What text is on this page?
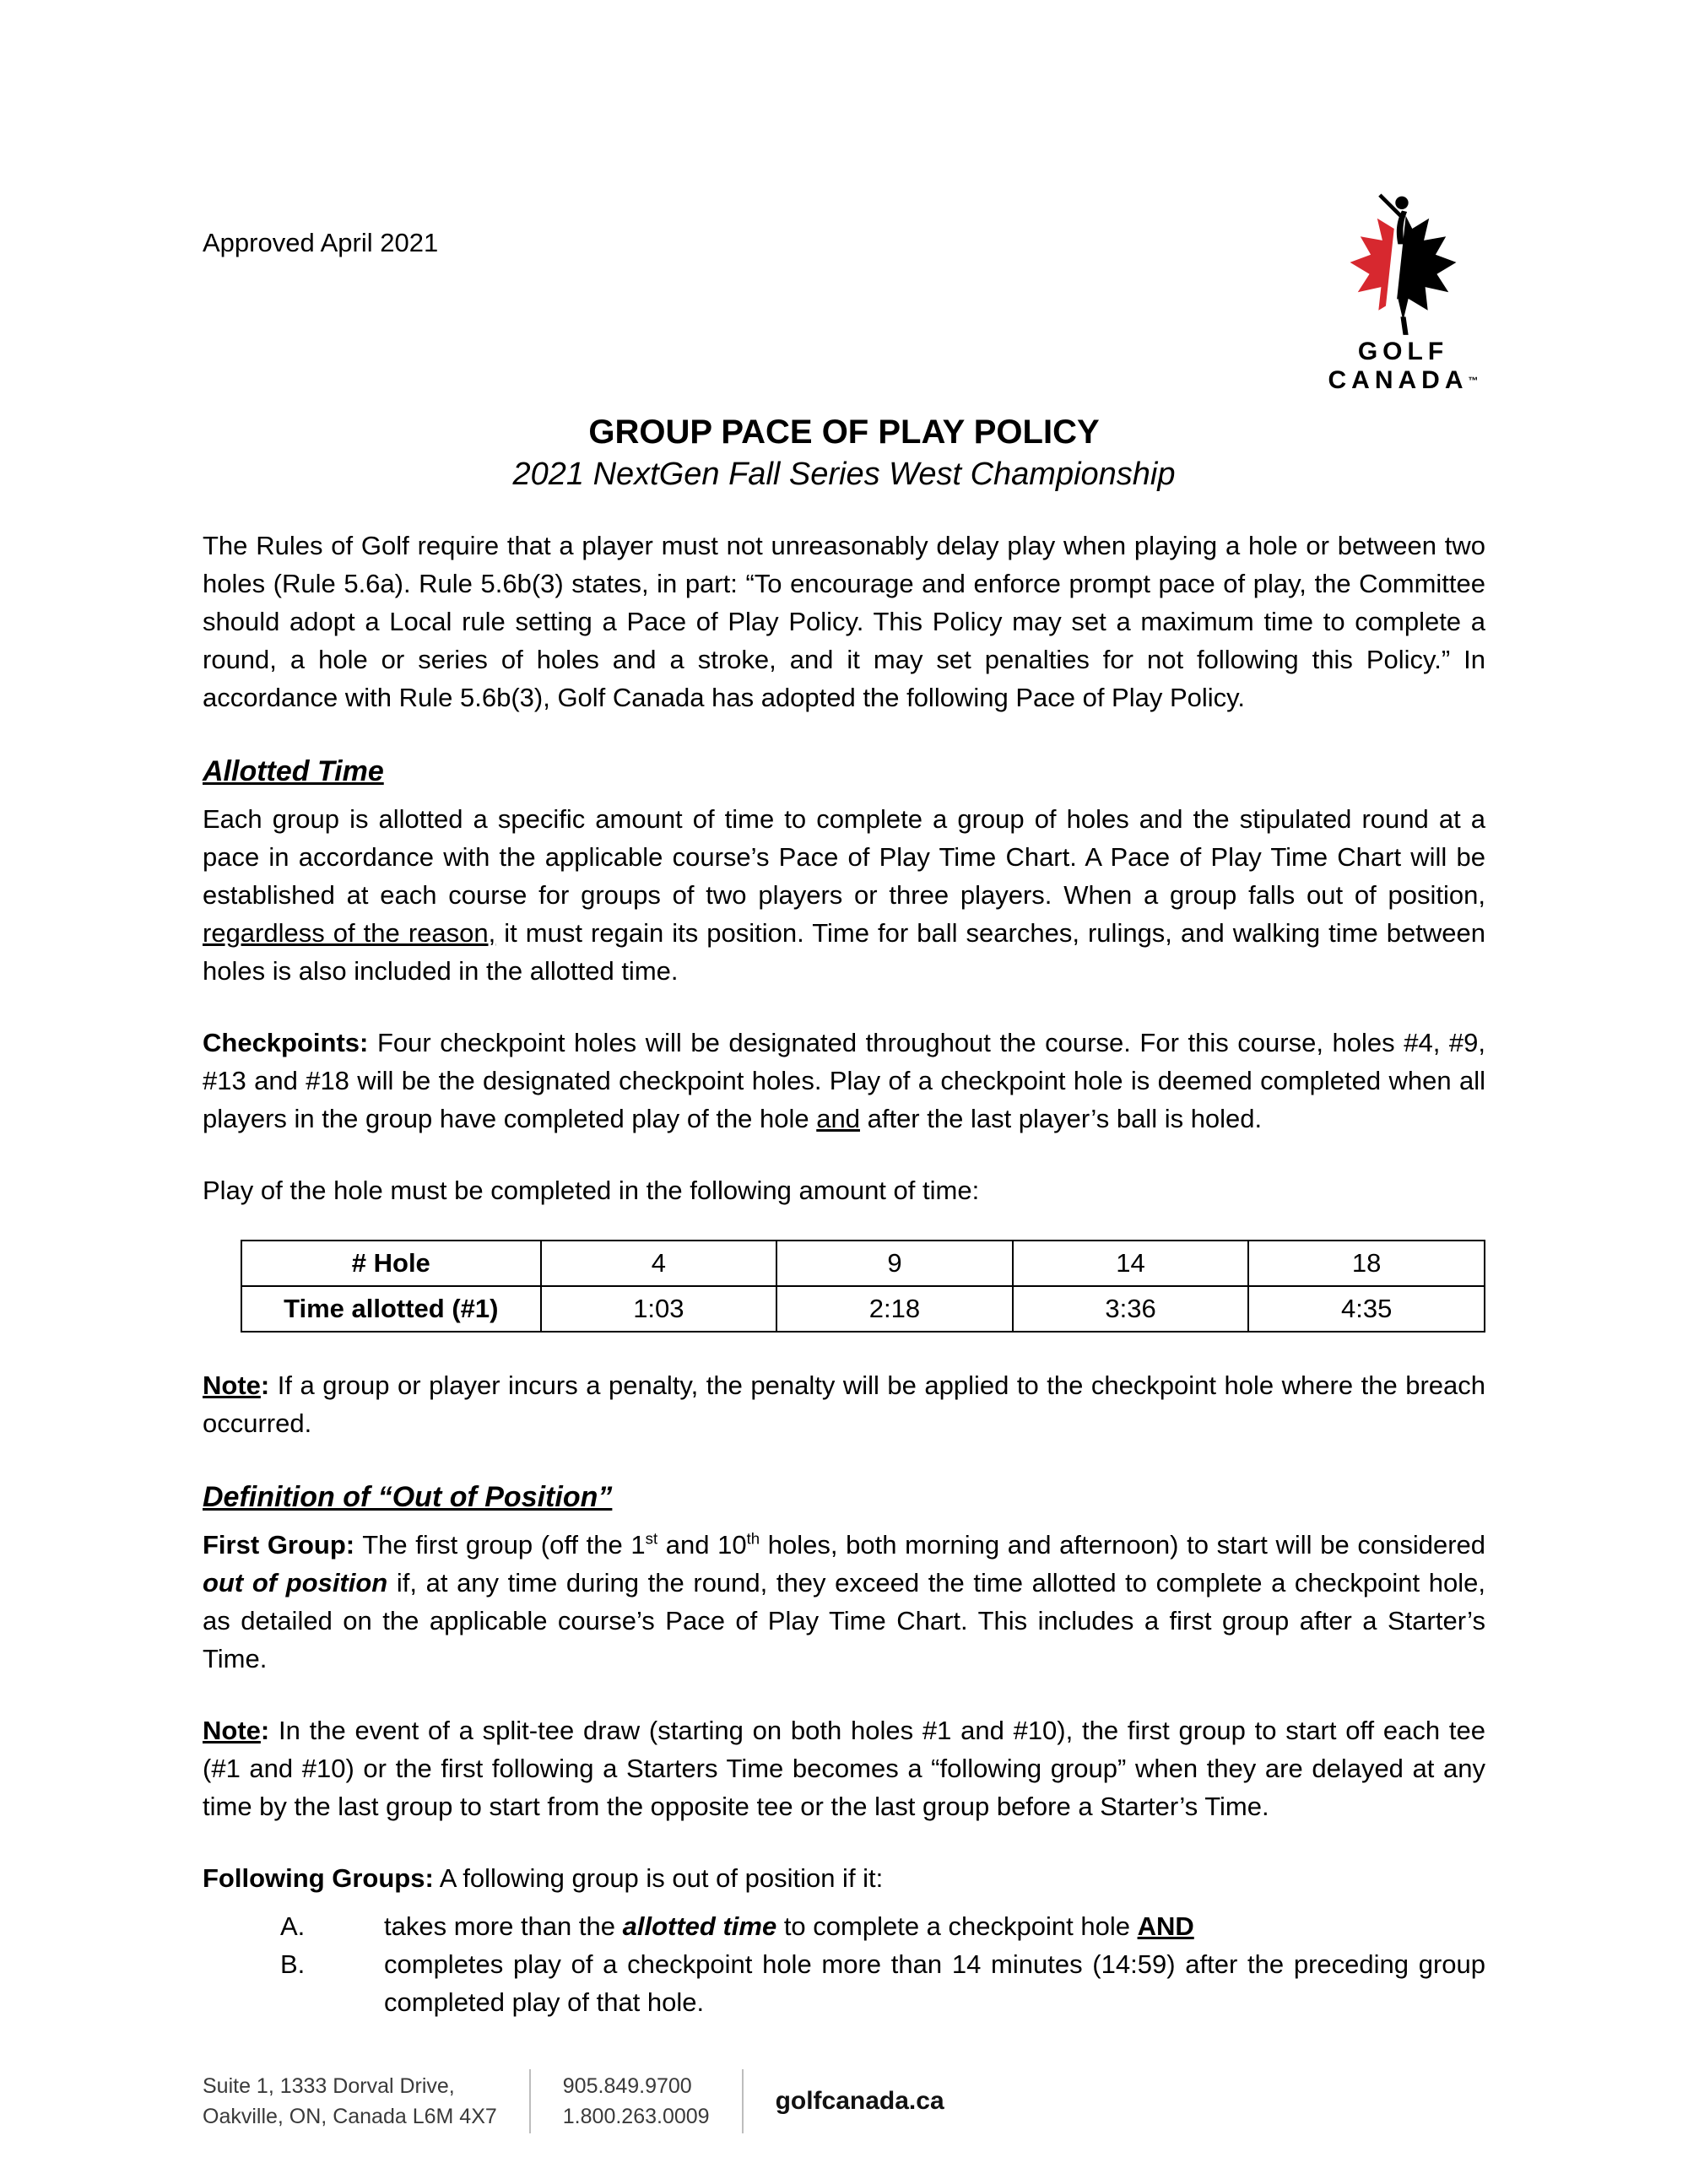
Approved April 2021
GOLF
CANADA™
GROUP PACE OF PLAY POLICY
2021 NextGen Fall Series West Championship

The Rules of Golf require that a player must not unreasonably delay play when playing a hole or between two holes (Rule 5.6a). Rule 5.6b(3) states, in part: “To encourage and enforce prompt pace of play, the Committee should adopt a Local rule setting a Pace of Play Policy. This Policy may set a maximum time to complete a round, a hole or series of holes and a stroke, and it may set penalties for not following this Policy.” In accordance with Rule 5.6b(3), Golf Canada has adopted the following Pace of Play Policy.

Allotted Time

Each group is allotted a specific amount of time to complete a group of holes and the stipulated round at a pace in accordance with the applicable course’s Pace of Play Time Chart. A Pace of Play Time Chart will be established at each course for groups of two players or three players. When a group falls out of position, regardless of the reason, it must regain its position. Time for ball searches, rulings, and walking time between holes is also included in the allotted time.

Checkpoints: Four checkpoint holes will be designated throughout the course. For this course, holes #4, #9, #13 and #18 will be the designated checkpoint holes. Play of a checkpoint hole is deemed completed when all players in the group have completed play of the hole and after the last player’s ball is holed.

Play of the hole must be completed in the following amount of time:

# Hole	4	9	14	18
Time allotted (#1)	1:03	2:18	3:36	4:35

Note: If a group or player incurs a penalty, the penalty will be applied to the checkpoint hole where the breach occurred.

Definition of “Out of Position”

First Group: The first group (off the 1st and 10th holes, both morning and afternoon) to start will be considered out of position if, at any time during the round, they exceed the time allotted to complete a checkpoint hole, as detailed on the applicable course’s Pace of Play Time Chart. This includes a first group after a Starter’s Time.

Note: In the event of a split-tee draw (starting on both holes #1 and #10), the first group to start off each tee (#1 and #10) or the first following a Starters Time becomes a “following group” when they are delayed at any time by the last group to start from the opposite tee or the last group before a Starter’s Time.

Following Groups: A following group is out of position if it:

A.	takes more than the allotted time to complete a checkpoint hole AND
B.	completes play of a checkpoint hole more than 14 minutes (14:59) after the preceding group completed play of that hole.
Suite 1, 1333 Dorval Drive,
Oakville, ON, Canada L6M 4X7
905.849.9700
1.800.263.0009
golfcanada.ca
